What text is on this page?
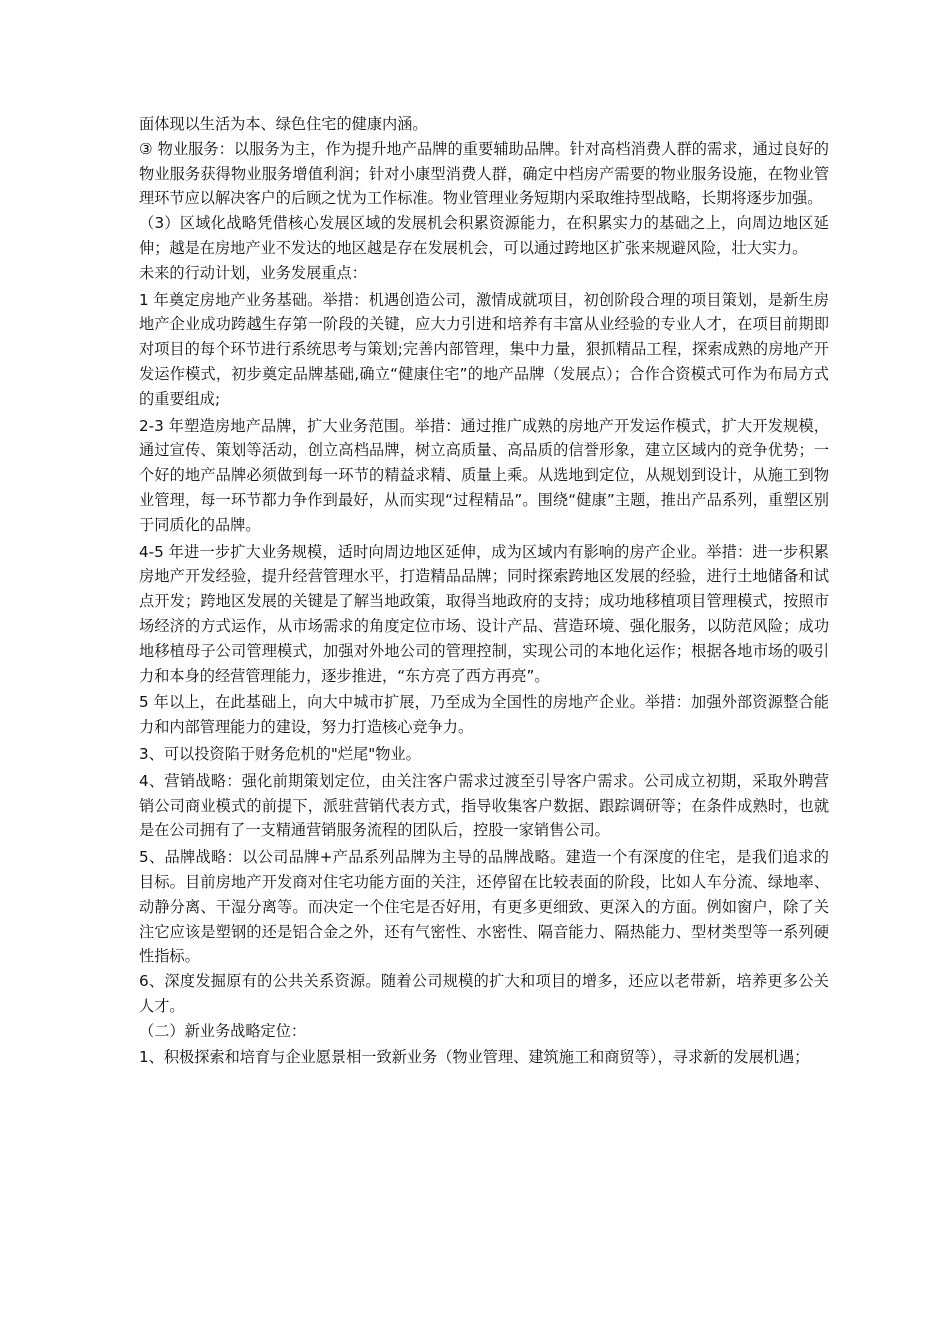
面体现以生活为本、绿色住宅的健康内涵。

③ 物业服务：以服务为主，作为提升地产品牌的重要辅助品牌。针对高档消费人群的需求，通过良好的物业服务获得物业服务增值利润；针对小康型消费人群，确定中档房产需要的物业服务设施，在物业管理环节应以解决客户的后顾之忧为工作标准。物业管理业务短期内采取维持型战略，长期将逐步加强。

（3）区域化战略凭借核心发展区域的发展机会积累资源能力，在积累实力的基础之上，向周边地区延伸；越是在房地产业不发达的地区越是存在发展机会，可以通过跨地区扩张来规避风险，壮大实力。

未来的行动计划，业务发展重点：

1 年奠定房地产业务基础。举措：机遇创造公司，激情成就项目，初创阶段合理的项目策划，是新生房地产企业成功跨越生存第一阶段的关键，应大力引进和培养有丰富从业经验的专业人才，在项目前期即对项目的每个环节进行系统思考与策划;完善内部管理，集中力量，狠抓精品工程，探索成熟的房地产开发运作模式，初步奠定品牌基础,确立“健康住宅”的地产品牌（发展点）；合作合资模式可作为布局方式的重要组成;

2-3 年塑造房地产品牌，扩大业务范围。举措：通过推广成熟的房地产开发运作模式，扩大开发规模，通过宣传、策划等活动，创立高档品牌，树立高质量、高品质的信誉形象，建立区域内的竞争优势；一个好的地产品牌必须做到每一环节的精益求精、质量上乘。从选地到定位，从规划到设计，从施工到物业管理，每一环节都力争作到最好，从而实现“过程精品”。围绕“健康”主题，推出产品系列，重塑区别于同质化的品牌。

4-5 年进一步扩大业务规模，适时向周边地区延伸，成为区域内有影响的房产企业。举措：进一步积累房地产开发经验，提升经营管理水平，打造精品品牌；同时探索跨地区发展的经验，进行土地储备和试点开发；跨地区发展的关键是了解当地政策，取得当地政府的支持；成功地移植项目管理模式，按照市场经济的方式运作，从市场需求的角度定位市场、设计产品、营造环境、强化服务，以防范风险；成功地移植母子公司管理模式，加强对外地公司的管理控制，实现公司的本地化运作；根据各地市场的吸引力和本身的经营管理能力，逐步推进，“东方亮了西方再亮”。

5 年以上，在此基础上，向大中城市扩展，乃至成为全国性的房地产企业。举措：加强外部资源整合能力和内部管理能力的建设，努力打造核心竞争力。

3、可以投资陷于财务危机的"烂尾"物业。

4、营销战略：强化前期策划定位，由关注客户需求过渡至引导客户需求。公司成立初期，采取外聘营销公司商业模式的前提下，派驻营销代表方式，指导收集客户数据、跟踪调研等；在条件成熟时，也就是在公司拥有了一支精通营销服务流程的团队后，控股一家销售公司。

5、品牌战略：以公司品牌+产品系列品牌为主导的品牌战略。建造一个有深度的住宅，是我们追求的目标。目前房地产开发商对住宅功能方面的关注，还停留在比较表面的阶段，比如人车分流、绿地率、动静分离、干湿分离等。而决定一个住宅是否好用，有更多更细致、更深入的方面。例如窗户，除了关注它应该是塑钢的还是铝合金之外，还有气密性、水密性、隔音能力、隔热能力、型材类型等一系列硬性指标。

6、深度发掘原有的公共关系资源。随着公司规模的扩大和项目的增多，还应以老带新，培养更多公关人才。

（二）新业务战略定位：

1、积极探索和培育与企业愿景相一致新业务（物业管理、建筑施工和商贸等），寻求新的发展机遇；
